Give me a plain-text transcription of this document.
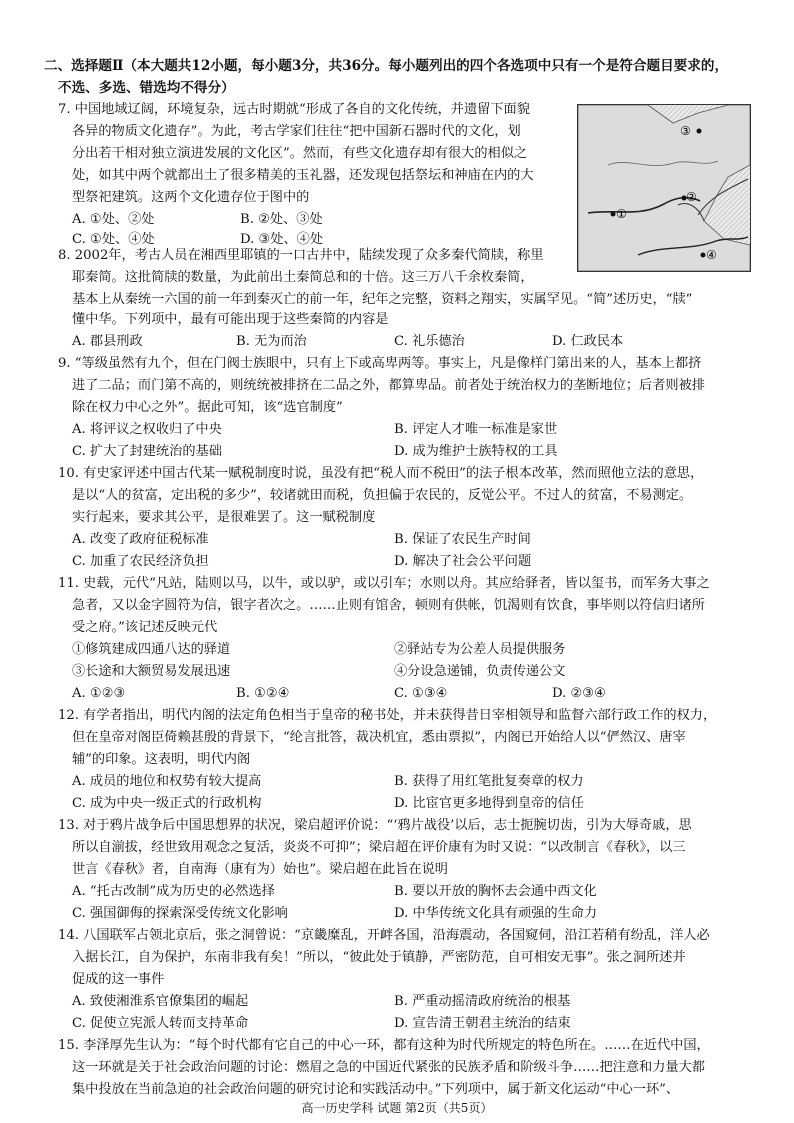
二、选择题Ⅱ（本大题共12小题，每小题3分，共36分。每小题列出的四个各选项中只有一个是符合题目要求的，
不选、多选、错选均不得分）
7. 中国地域辽阔，环境复杂，远古时期就“形成了各自的文化传统，并遗留下面貌
各异的物质文化遗存”。为此，考古学家们往往“把中国新石器时代的文化，划
分出若干相对独立演进发展的文化区”。然而，有些文化遗存却有很大的相似之
处，如其中两个就都出土了很多精美的玉礼器，还发现包括祭坛和神庙在内的大
型祭祀建筑。这两个文化遗存位于图中的
A. ①处、②处	B. ②处、③处
C. ①处、④处	D. ③处、④处
③
②
①
④
8. 2002年，考古人员在湘西里耶镇的一口古井中，陆续发现了众多秦代简牍，称里
耶秦简。这批简牍的数量，为此前出土秦简总和的十倍。这三万八千余枚秦简，
基本上从秦统一六国的前一年到秦灭亡的前一年，纪年之完整，资料之翔实，实属罕见。“简”述历史，“牍”
懂中华。下列项中，最有可能出现于这些秦简的内容是
A. 郡县刑政	B. 无为而治	C. 礼乐德治	D. 仁政民本
9. “等级虽然有九个，但在门阀士族眼中，只有上下或高卑两等。事实上，凡是像样门第出来的人，基本上都挤
进了二品；而门第不高的，则统统被排挤在二品之外，都算卑品。前者处于统治权力的垄断地位；后者则被排
除在权力中心之外”。据此可知，该“选官制度”
A. 将评议之权收归了中央	B. 评定人才唯一标准是家世
C. 扩大了封建统治的基础	D. 成为维护士族特权的工具
10. 有史家评述中国古代某一赋税制度时说，虽没有把“税人而不税田”的法子根本改革，然而照他立法的意思，
是以“人的贫富，定出税的多少”，较诸就田而税，负担偏于农民的，反觉公平。不过人的贫富，不易测定。
实行起来，要求其公平，是很难罢了。这一赋税制度
A. 改变了政府征税标准	B. 保证了农民生产时间
C. 加重了农民经济负担	D. 解决了社会公平问题
11. 史载，元代“凡站，陆则以马，以牛，或以驴，或以引车；水则以舟。其应给驿者，皆以玺书，而军务大事之
急者，又以金字圆符为信，银字者次之。……止则有馆舍，顿则有供帐，饥渴则有饮食，事毕则以符信归诸所
受之府。”该记述反映元代
①修筑建成四通八达的驿道	②驿站专为公差人员提供服务
③长途和大额贸易发展迅速	④分设急递铺，负责传递公文
A. ①②③	B. ①②④	C. ①③④	D. ②③④
12. 有学者指出，明代内阁的法定角色相当于皇帝的秘书处，并未获得昔日宰相领导和监督六部行政工作的权力，
但在皇帝对阁臣倚赖甚殷的背景下，“纶言批答，裁决机宜，悉由票拟”，内阁已开始给人以“俨然汉、唐宰
辅”的印象。这表明，明代内阁
A. 成员的地位和权势有较大提高	B. 获得了用红笔批复奏章的权力
C. 成为中央一级正式的行政机构	D. 比宦官更多地得到皇帝的信任
13. 对于鸦片战争后中国思想界的状况，梁启超评价说：“‘鸦片战役’以后，志士扼腕切齿，引为大辱奇戚，思
所以自湔拔，经世致用观念之复活，炎炎不可抑”；梁启超在评价康有为时又说：“以改制言《春秋》，以三
世言《春秋》者，自南海（康有为）始也”。梁启超在此旨在说明
A. “托古改制”成为历史的必然选择	B. 要以开放的胸怀去会通中西文化
C. 强国御侮的探索深受传统文化影响	D. 中华传统文化具有顽强的生命力
14. 八国联军占领北京后，张之洞曾说：“京畿糜乱，开衅各国，沿海震动，各国窥伺，沿江若稍有纷乱，洋人必
入据长江，自为保护，东南非我有矣！”所以，“彼此处于镇静，严密防范，自可相安无事”。张之洞所述并
促成的这一事件
A. 致使湘淮系官僚集团的崛起	B. 严重动摇清政府统治的根基
C. 促使立宪派人转而支持革命	D. 宣告清王朝君主统治的结束
15. 李泽厚先生认为：“每个时代都有它自己的中心一环，都有这种为时代所规定的特色所在。……在近代中国，
这一环就是关于社会政治问题的讨论：燃眉之急的中国近代紧张的民族矛盾和阶级斗争……把注意和力量大都
集中投放在当前急迫的社会政治问题的研究讨论和实践活动中。”下列项中，属于新文化运动“中心一环”、
高一历史学科 试题 第2页（共5页）
